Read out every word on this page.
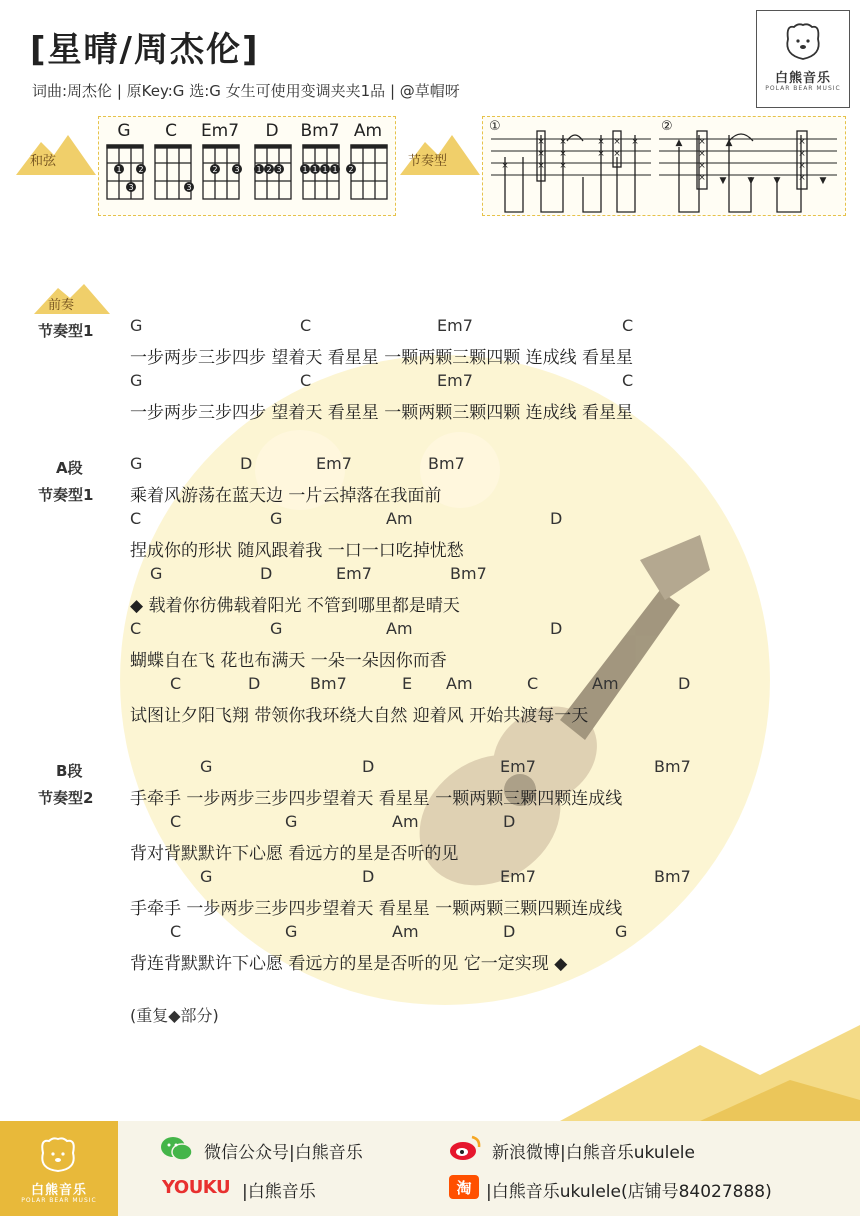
[星晴/周杰伦]
词曲:周杰伦 | 原Key:G 选:G 女生可使用变调夹夹1品 | @草帽呀
白熊音乐
POLAR BEAR MUSIC
和弦
G	C	Em7	D	Bm7 Am
1 2
3	3
2 3 1 2 3	1 1 1 1 2
节奏型
①	②
×
×
×
×
×
×
×
×
×
×
×
×	×
×
×
×
×
×
×
×
▲	▲
▼ ▼	▼
▼
前奏
节奏型1
A段
节奏型1
B段
节奏型2
G	C	Em7	C
一步两步三步四步 望着天 看星星 一颗两颗三颗四颗 连成线 看星星
G	C	Em7	C
一步两步三步四步 望着天 看星星 一颗两颗三颗四颗 连成线 看星星
G	D	Em7	Bm7
乘着风游荡在蓝天边 一片云掉落在我面前
C	G	Am	D
捏成你的形状 随风跟着我 一口一口吃掉忧愁
G	D	Em7	Bm7
◆ 载着你彷佛载着阳光 不管到哪里都是晴天
C	G	Am	D
蝴蝶自在飞 花也布满天 一朵一朵因你而香
C	D	Bm7	E Am	C	Am	D
试图让夕阳飞翔 带领你我环绕大自然 迎着风 开始共渡每一天
G	D	Em7	Bm7
手牵手 一步两步三步四步望着天 看星星 一颗两颗三颗四颗连成线
C	G	Am	D
背对背默默许下心愿 看远方的星是否听的见
G	D	Em7	Bm7
手牵手 一步两步三步四步望着天 看星星 一颗两颗三颗四颗连成线
C	G	Am	D	G
背连背默默许下心愿 看远方的星是否听的见 它一定实现 ◆
(重复◆部分)
白熊音乐
POLAR BEAR MUSIC
微信公众号|白熊音乐	新浪微博|白熊音乐ukulele
YOUKU |白熊音乐	淘 |白熊音乐ukulele(店铺号84027888)
